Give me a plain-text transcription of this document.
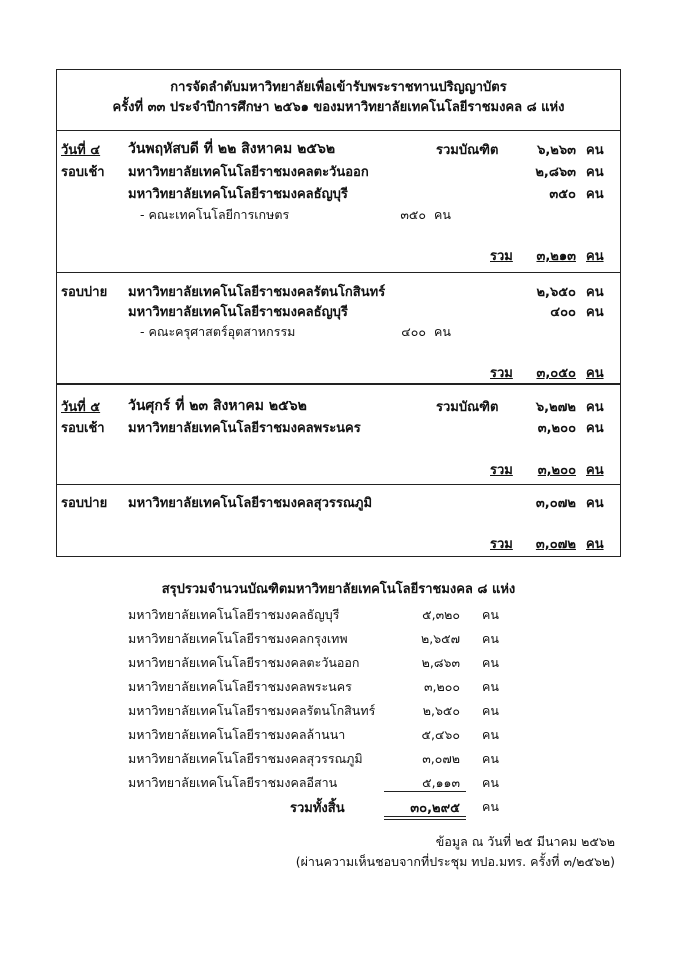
การจัดลำดับมหาวิทยาลัยเพื่อเข้ารับพระราชทานปริญญาบัตร
ครั้งที่ ๓๓ ประจำปีการศึกษา ๒๕๖๑ ของมหาวิทยาลัยเทคโนโลยีราชมงคล ๘ แห่ง
วันที่ ๔ วันพฤหัสบดี ที่ ๒๒ สิงหาคม ๒๕๖๒	รวมบัณฑิต	๖,๒๖๓ คน
รอบเช้า มหาวิทยาลัยเทคโนโลยีราชมงคลตะวันออก	๒,๘๖๓ คน
มหาวิทยาลัยเทคโนโลยีราชมงคลธัญบุรี	๓๕๐ คน
- คณะเทคโนโลยีการเกษตร	๓๕๐ คน
รวม	๓,๒๑๓ คน
รอบบ่าย มหาวิทยาลัยเทคโนโลยีราชมงคลรัตนโกสินทร์	๒,๖๕๐ คน
มหาวิทยาลัยเทคโนโลยีราชมงคลธัญบุรี	๔๐๐ คน
- คณะครุศาสตร์อุตสาหกรรม	๔๐๐ คน
รวม	๓,๐๕๐ คน
วันที่ ๕ วันศุกร์ ที่ ๒๓ สิงหาคม ๒๕๖๒	รวมบัณฑิต	๖,๒๗๒ คน
รอบเช้า มหาวิทยาลัยเทคโนโลยีราชมงคลพระนคร	๓,๒๐๐ คน
รวม	๓,๒๐๐ คน
รอบบ่าย มหาวิทยาลัยเทคโนโลยีราชมงคลสุวรรณภูมิ	๓,๐๗๒ คน
รวม	๓,๐๗๒ คน
สรุปรวมจำนวนบัณฑิตมหาวิทยาลัยเทคโนโลยีราชมงคล ๘ แห่ง
มหาวิทยาลัยเทคโนโลยีราชมงคลธัญบุรี	๕,๓๒๐ คน
มหาวิทยาลัยเทคโนโลยีราชมงคลกรุงเทพ	๒,๖๕๗ คน
มหาวิทยาลัยเทคโนโลยีราชมงคลตะวันออก	๒,๘๖๓ คน
มหาวิทยาลัยเทคโนโลยีราชมงคลพระนคร	๓,๒๐๐ คน
มหาวิทยาลัยเทคโนโลยีราชมงคลรัตนโกสินทร์	๒,๖๕๐ คน
มหาวิทยาลัยเทคโนโลยีราชมงคลล้านนา	๕,๔๖๐ คน
มหาวิทยาลัยเทคโนโลยีราชมงคลสุวรรณภูมิ	๓,๐๗๒ คน
มหาวิทยาลัยเทคโนโลยีราชมงคลอีสาน	๕,๑๑๓ คน
รวมทั้งสิ้น	๓๐,๒๙๕ คน
ข้อมูล ณ วันที่ ๒๕ มีนาคม ๒๕๖๒
(ผ่านความเห็นชอบจากที่ประชุม ทปอ.มทร. ครั้งที่ ๓/๒๕๖๒)
